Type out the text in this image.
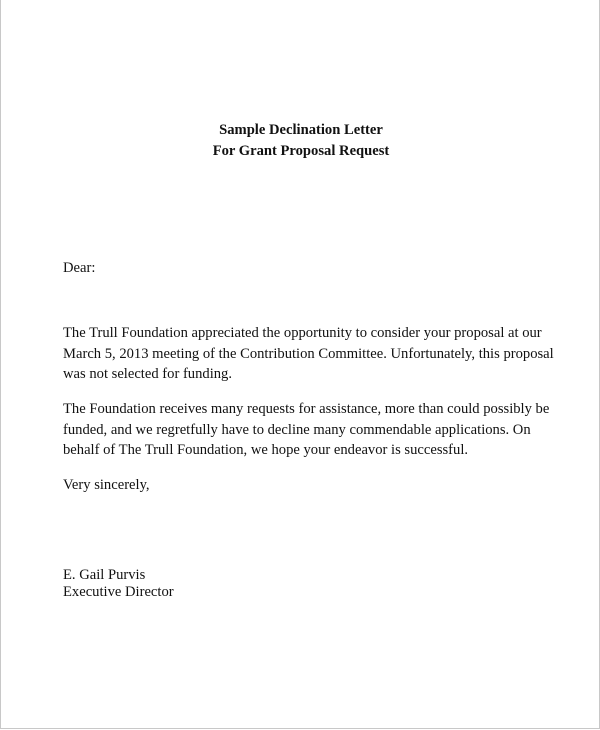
Sample Declination Letter
For Grant Proposal Request
Dear:
The Trull Foundation appreciated the opportunity to consider your proposal at our
March 5, 2013 meeting of the Contribution Committee. Unfortunately, this proposal
was not selected for funding.
The Foundation receives many requests for assistance, more than could possibly be
funded, and we regretfully have to decline many commendable applications. On
behalf of The Trull Foundation, we hope your endeavor is successful.
Very sincerely,
E. Gail Purvis
Executive Director
